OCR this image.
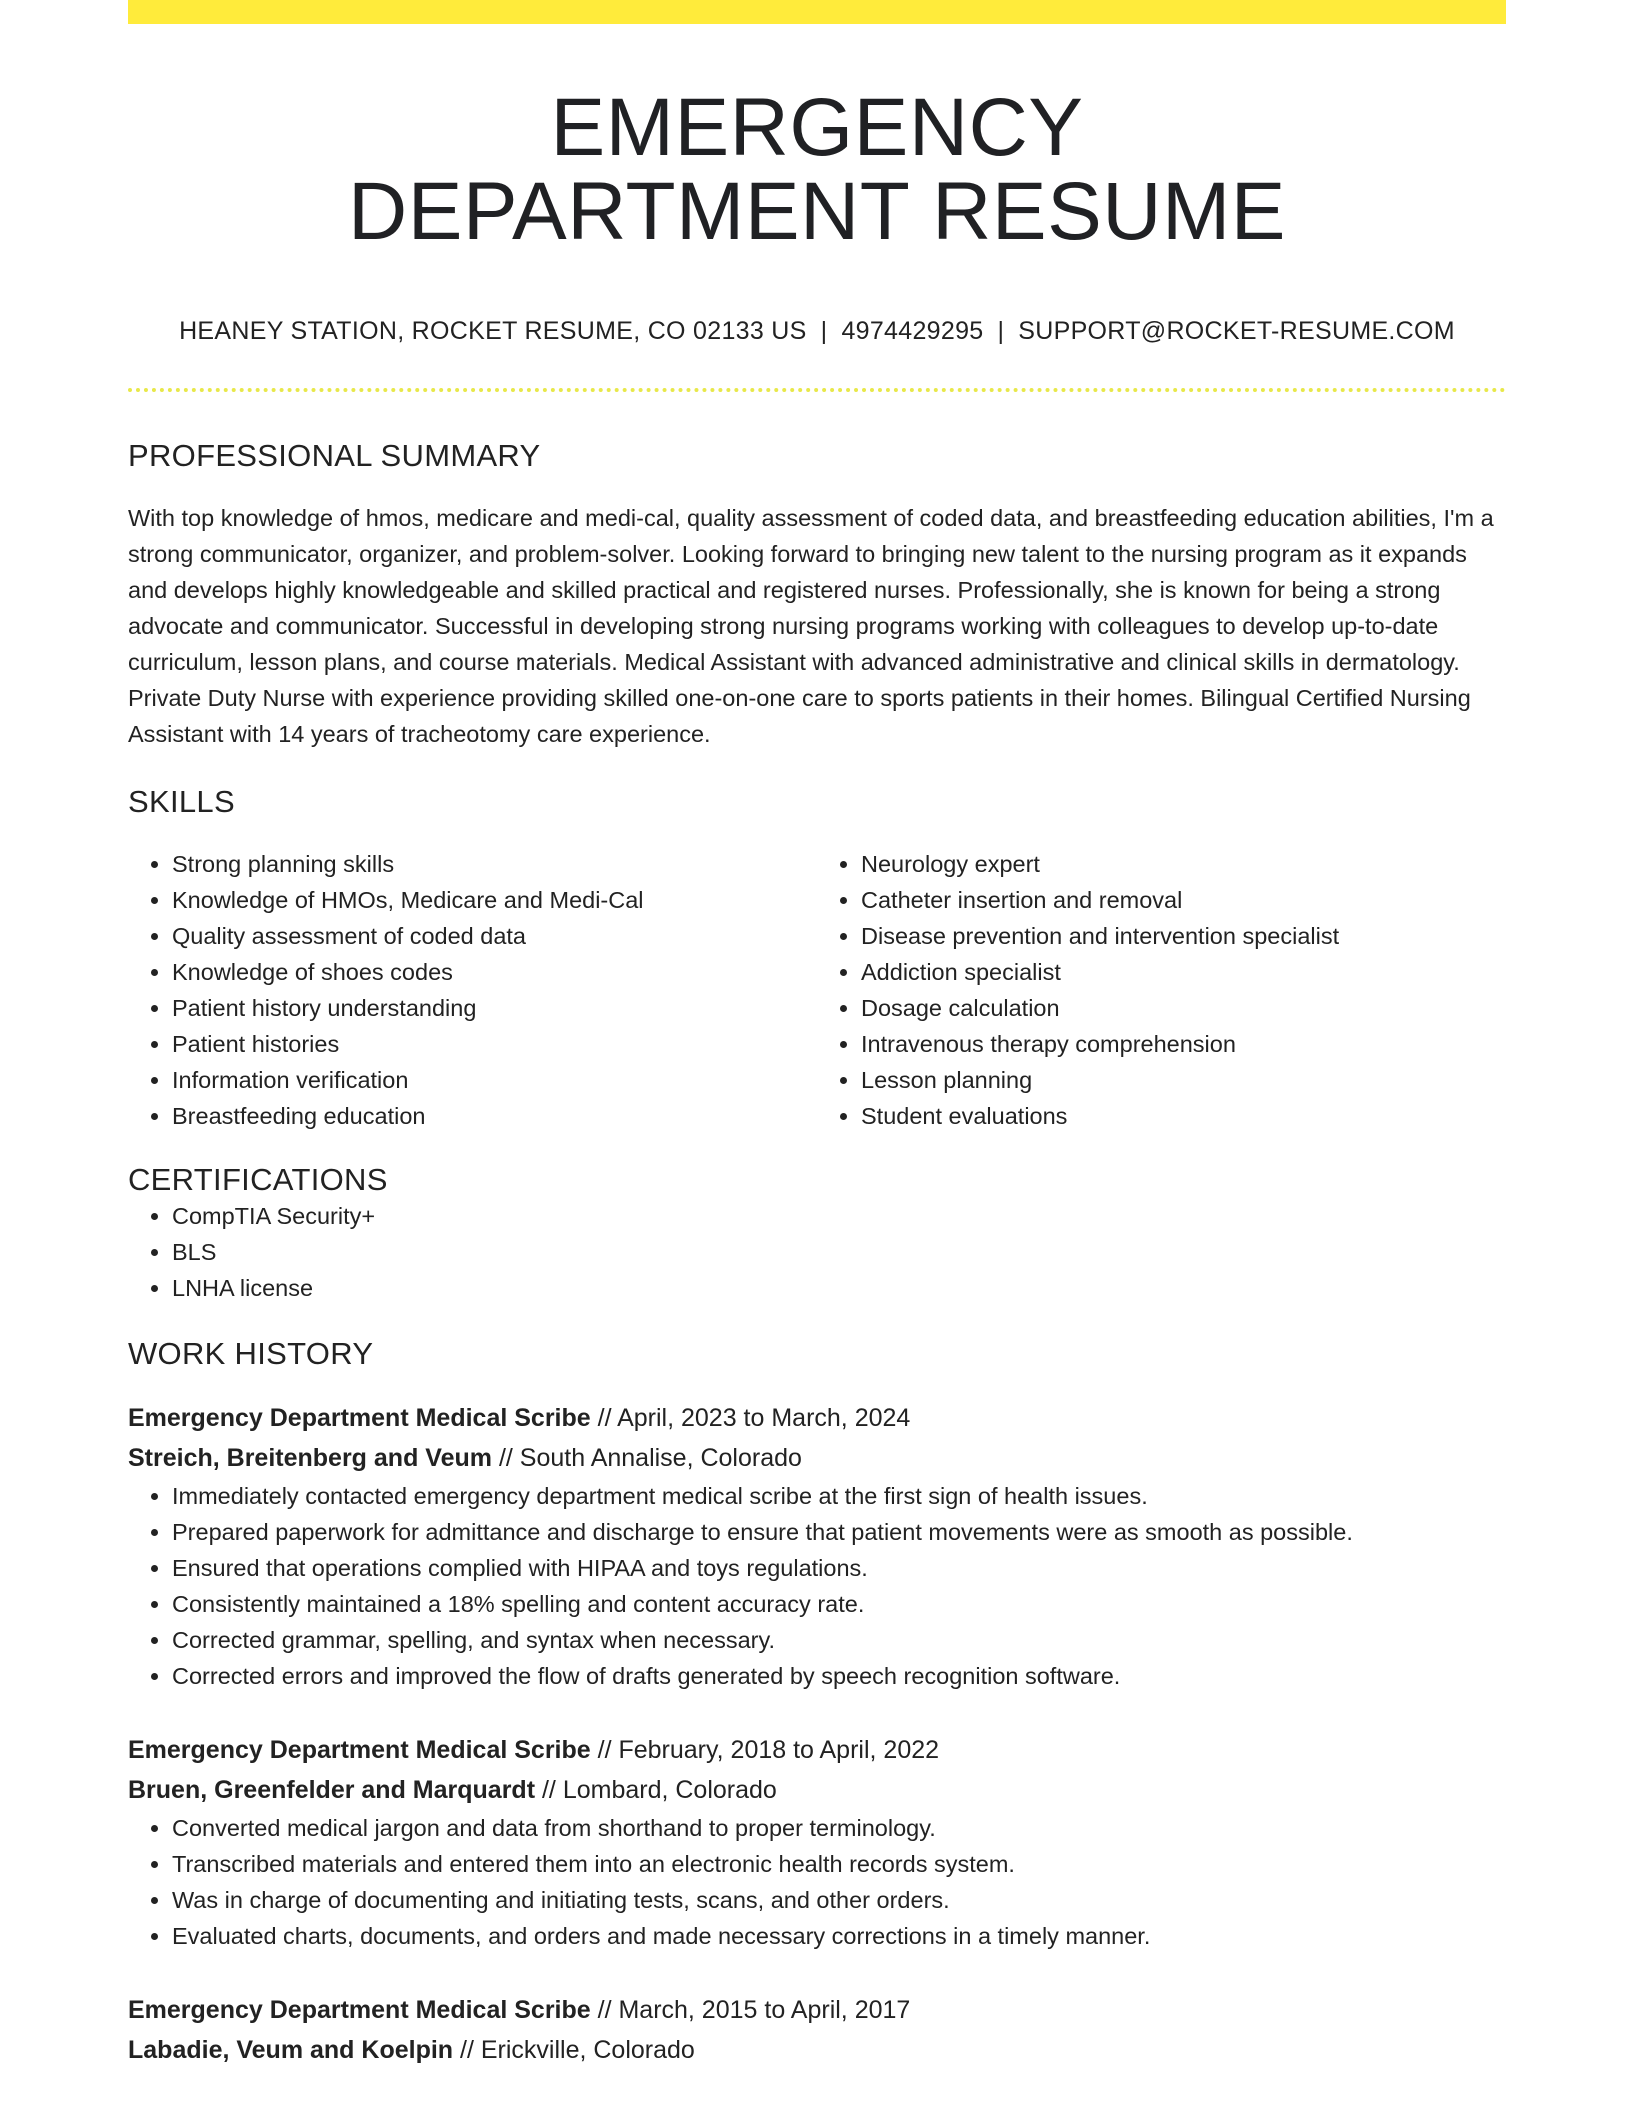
EMERGENCY
DEPARTMENT RESUME
HEANEY STATION, ROCKET RESUME, CO 02133 US | 4974429295 | SUPPORT@ROCKET-RESUME.COM
PROFESSIONAL SUMMARY

With top knowledge of hmos, medicare and medi-cal, quality assessment of coded data, and breastfeeding education abilities, I'm a strong communicator, organizer, and problem-solver. Looking forward to bringing new talent to the nursing program as it expands and develops highly knowledgeable and skilled practical and registered nurses. Professionally, she is known for being a strong advocate and communicator. Successful in developing strong nursing programs working with colleagues to develop up-to-date curriculum, lesson plans, and course materials. Medical Assistant with advanced administrative and clinical skills in dermatology. Private Duty Nurse with experience providing skilled one-on-one care to sports patients in their homes. Bilingual Certified Nursing Assistant with 14 years of tracheotomy care experience.

SKILLS
• Strong planning skills
• Knowledge of HMOs, Medicare and Medi-Cal
• Quality assessment of coded data
• Knowledge of shoes codes
• Patient history understanding
• Patient histories
• Information verification
• Breastfeeding education
• Neurology expert
• Catheter insertion and removal
• Disease prevention and intervention specialist
• Addiction specialist
• Dosage calculation
• Intravenous therapy comprehension
• Lesson planning
• Student evaluations
CERTIFICATIONS
• CompTIA Security+
• BLS
• LNHA license
WORK HISTORY
Emergency Department Medical Scribe // April, 2023 to March, 2024
Streich, Breitenberg and Veum // South Annalise, Colorado
• Immediately contacted emergency department medical scribe at the first sign of health issues.
• Prepared paperwork for admittance and discharge to ensure that patient movements were as smooth as possible.
• Ensured that operations complied with HIPAA and toys regulations.
• Consistently maintained a 18% spelling and content accuracy rate.
• Corrected grammar, spelling, and syntax when necessary.
• Corrected errors and improved the flow of drafts generated by speech recognition software.
Emergency Department Medical Scribe // February, 2018 to April, 2022
Bruen, Greenfelder and Marquardt // Lombard, Colorado
• Converted medical jargon and data from shorthand to proper terminology.
• Transcribed materials and entered them into an electronic health records system.
• Was in charge of documenting and initiating tests, scans, and other orders.
• Evaluated charts, documents, and orders and made necessary corrections in a timely manner.
Emergency Department Medical Scribe // March, 2015 to April, 2017
Labadie, Veum and Koelpin // Erickville, Colorado
